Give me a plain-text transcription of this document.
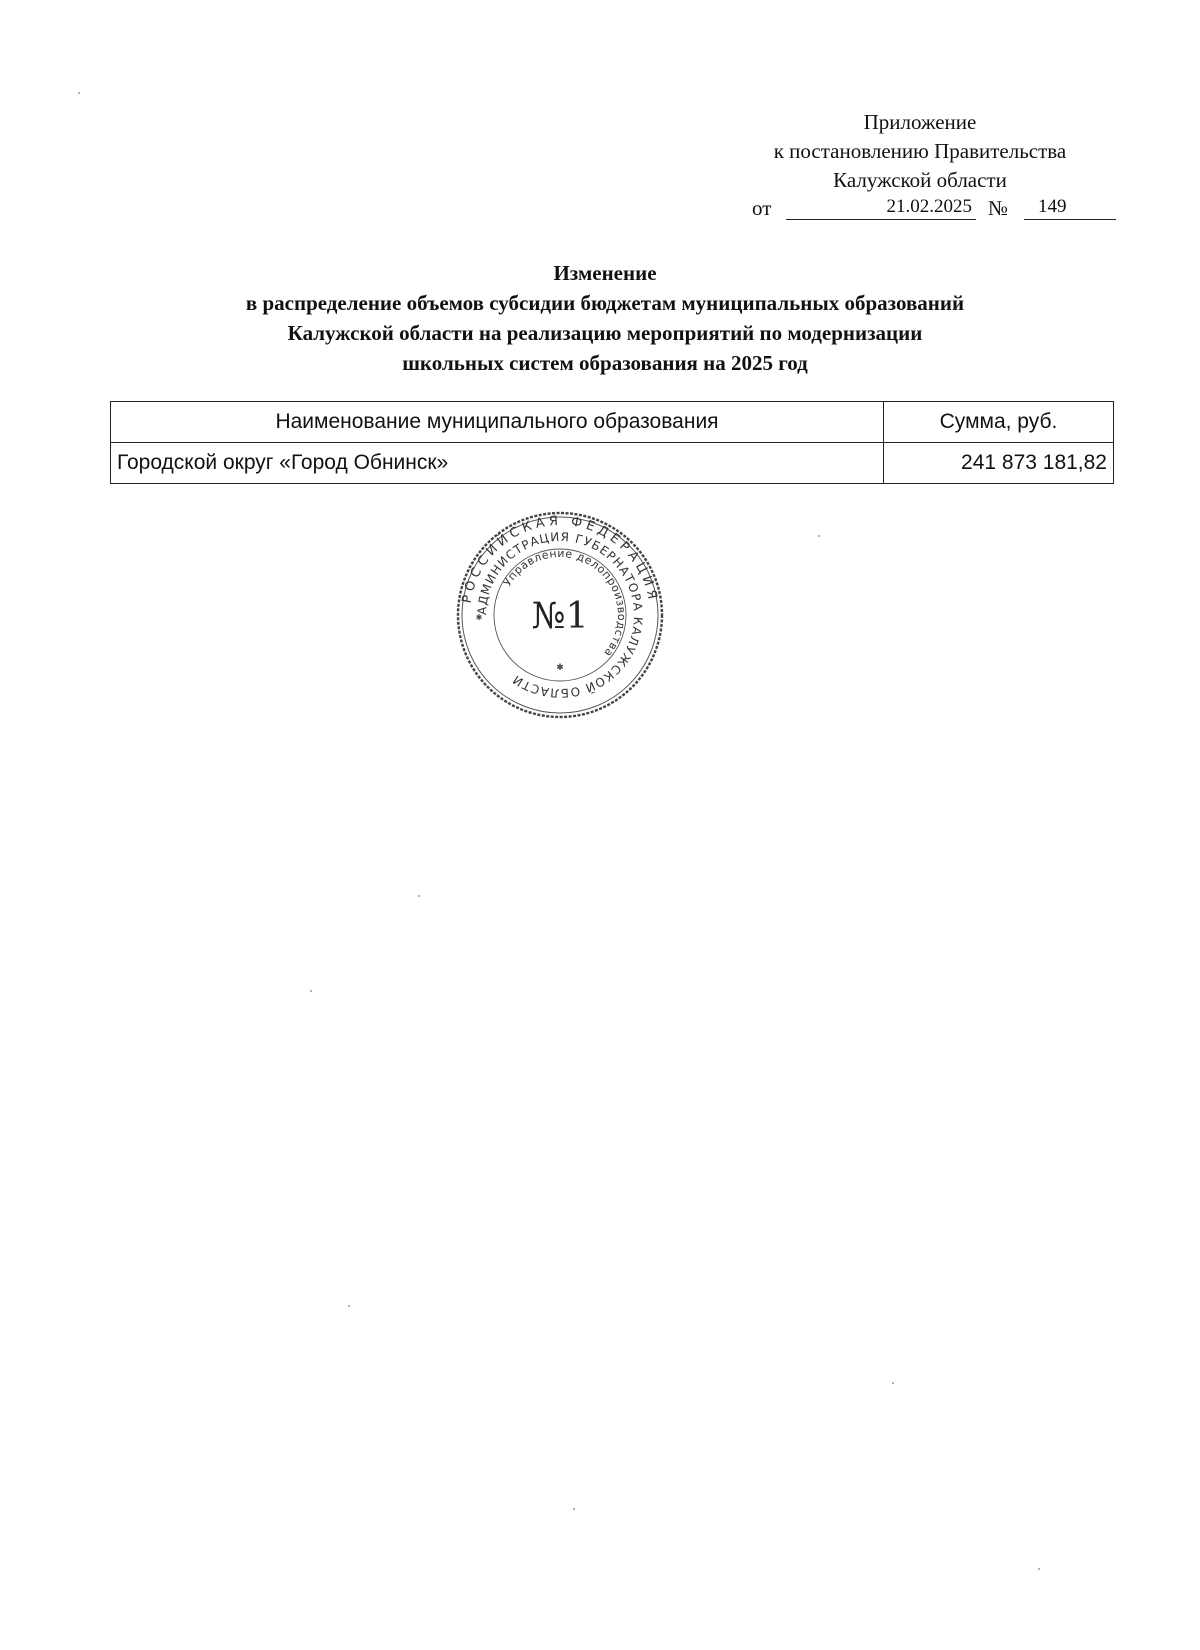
Приложение
к постановлению Правительства
Калужской области
от	21.02.2025 №	149
Изменение
в распределение объемов субсидии бюджетам муниципальных образований
Калужской области на реализацию мероприятий по модернизации
школьных систем образования на 2025 год
Наименование муниципального образования	Сумма, руб.
Городской округ «Город Обнинск»	241 873 181,82
РОССИЙСКАЯ ФЕДЕРАЦИЯ
АДМИНИСТРАЦИЯ ГУБЕРНАТОРА КАЛУЖСКОЙ ОБЛАСТИ
Управление делопроизводства
№1
✱
✱
